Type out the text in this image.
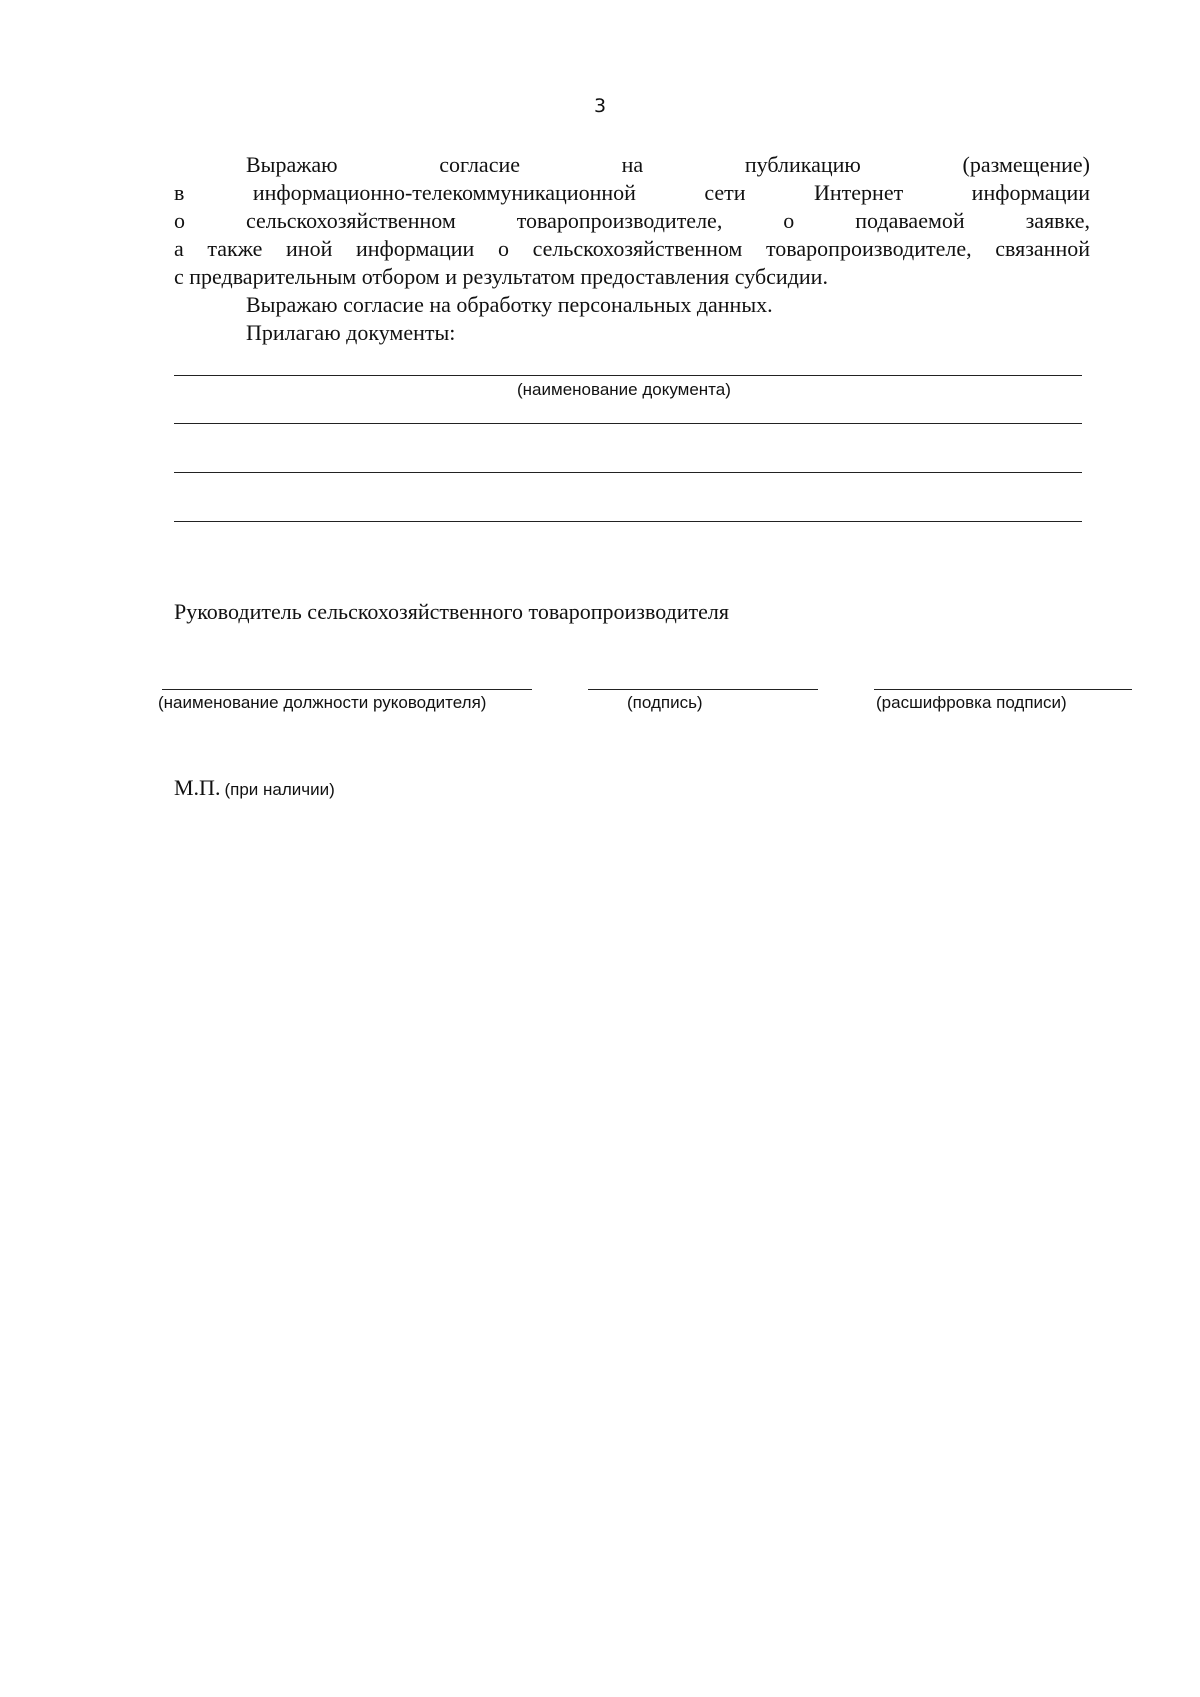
3
Выражаю	согласие	на	публикацию	(размещение)
в	информационно-телекоммуникационной	сети	Интернет	информации
о	сельскохозяйственном	товаропроизводителе,	о	подаваемой	заявке,
а также иной информации о сельскохозяйственном товаропроизводителе, связанной
с предварительным отбором и результатом предоставления субсидии.
Выражаю согласие на обработку персональных данных.
Прилагаю документы:
(наименование документа)
Руководитель сельскохозяйственного товаропроизводителя
(наименование должности руководителя)	(подпись)	(расшифровка подписи)
М.П. (при наличии)
